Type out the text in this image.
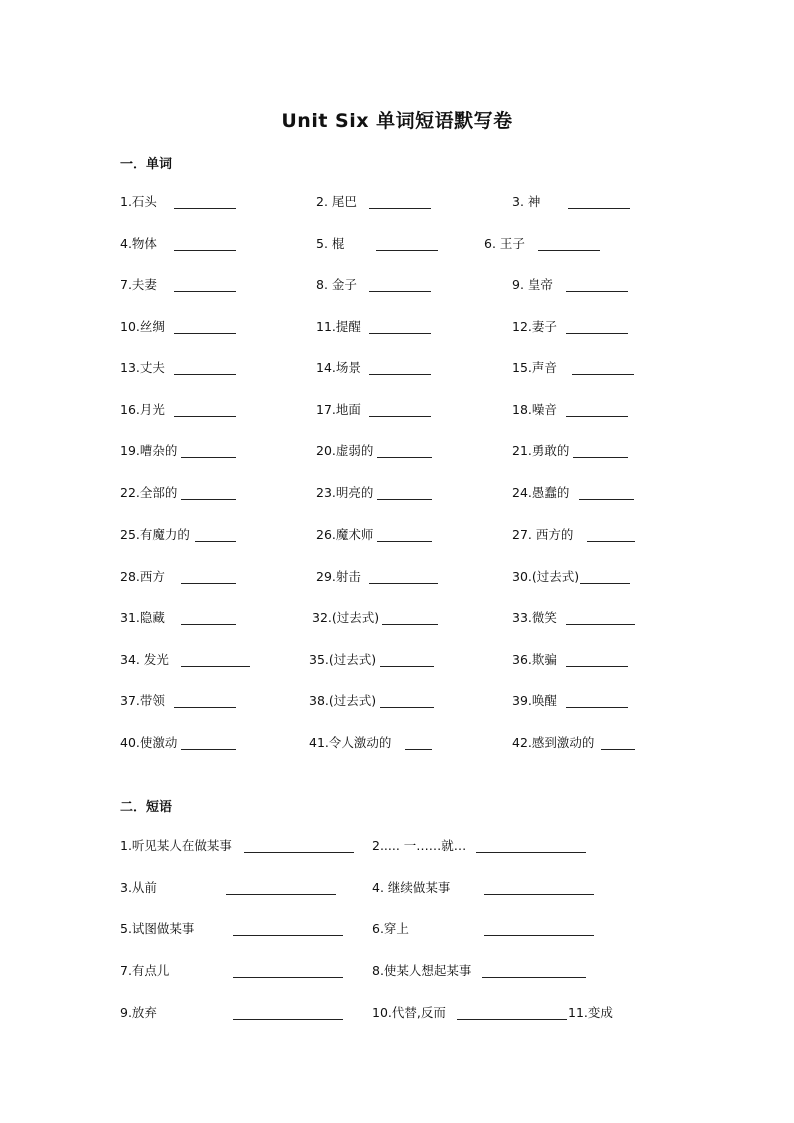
Unit Six 单词短语默写卷
一．单词
1.石头	2. 尾巴	3. 神
4.物体	5. 棍	6. 王子
7.夫妻	8. 金子	9. 皇帝
10.丝绸	11.提醒	12.妻子
13.丈夫	14.场景	15.声音
16.月光	17.地面	18.噪音
19.嘈杂的	20.虚弱的	21.勇敢的
22.全部的	23.明亮的	24.愚蠢的
25.有魔力的	26.魔术师	27. 西方的
28.西方	29.射击	30.(过去式)
31.隐藏	32.(过去式)	33.微笑
34. 发光	35.(过去式)	36.欺骗
37.带领	38.(过去式)	39.唤醒
40.使激动	41.令人激动的	42.感到激动的
二．短语
1.听见某人在做某事	2..... 一……就…
3.从前	4. 继续做某事
5.试图做某事	6.穿上
7.有点儿	8.使某人想起某事
9.放弃	10.代替,反而	11.变成
